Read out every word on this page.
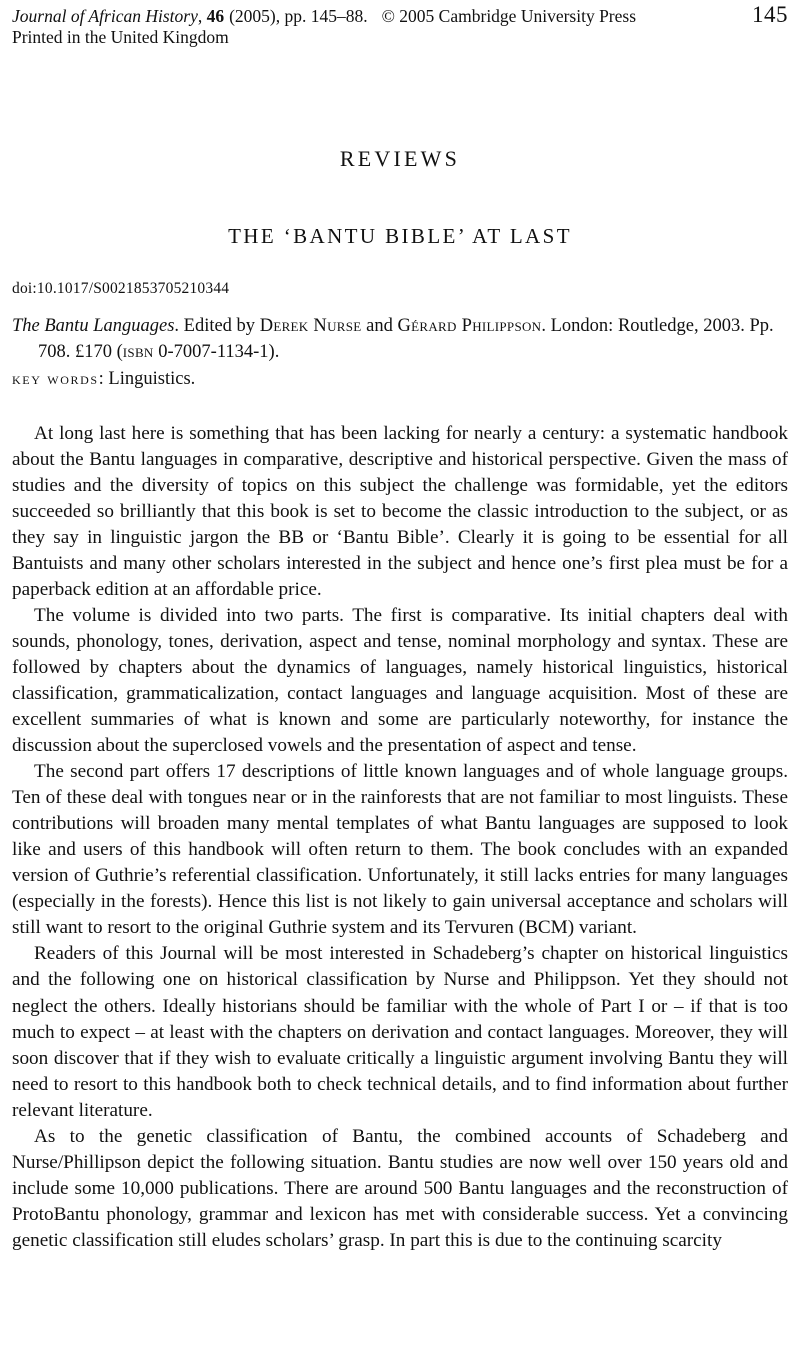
Journal of African History, 46 (2005), pp. 145–88. © 2005 Cambridge University Press
Printed in the United Kingdom
145
REVIEWS
THE ‘BANTU BIBLE’ AT LAST
doi:10.1017/S0021853705210344
The Bantu Languages. Edited by Derek Nurse and Gérard Philippson. London: Routledge, 2003. Pp. 708. £170 (isbn 0-7007-1134-1).
key words: Linguistics.

At long last here is something that has been lacking for nearly a century: a systematic handbook about the Bantu languages in comparative, descriptive and historical perspective. Given the mass of studies and the diversity of topics on this subject the challenge was formidable, yet the editors succeeded so brilliantly that this book is set to become the classic introduction to the subject, or as they say in linguistic jargon the BB or ‘Bantu Bible’. Clearly it is going to be essential for all Bantuists and many other scholars interested in the subject and hence one’s first plea must be for a paperback edition at an affordable price.

The volume is divided into two parts. The first is comparative. Its initial chapters deal with sounds, phonology, tones, derivation, aspect and tense, nominal morphology and syntax. These are followed by chapters about the dynamics of languages, namely historical linguistics, historical classification, grammaticalization, contact languages and language acquisition. Most of these are excellent summaries of what is known and some are particularly noteworthy, for instance the discussion about the superclosed vowels and the presentation of aspect and tense.

The second part offers 17 descriptions of little known languages and of whole language groups. Ten of these deal with tongues near or in the rainforests that are not familiar to most linguists. These contributions will broaden many mental templates of what Bantu languages are supposed to look like and users of this handbook will often return to them. The book concludes with an expanded version of Guthrie’s referential classification. Unfortunately, it still lacks entries for many languages (especially in the forests). Hence this list is not likely to gain universal acceptance and scholars will still want to resort to the original Guthrie system and its Tervuren (BCM) variant.

Readers of this Journal will be most interested in Schadeberg’s chapter on historical linguistics and the following one on historical classification by Nurse and Philippson. Yet they should not neglect the others. Ideally historians should be familiar with the whole of Part I or – if that is too much to expect – at least with the chapters on derivation and contact languages. Moreover, they will soon discover that if they wish to evaluate critically a linguistic argument involving Bantu they will need to resort to this handbook both to check technical details, and to find information about further relevant literature.

As to the genetic classification of Bantu, the combined accounts of Schadeberg and Nurse/Phillipson depict the following situation. Bantu studies are now well over 150 years old and include some 10,000 publications. There are around 500 Bantu languages and the reconstruction of ProtoBantu phonology, grammar and lexicon has met with considerable success. Yet a convincing genetic classification still eludes scholars’ grasp. In part this is due to the continuing scarcity
